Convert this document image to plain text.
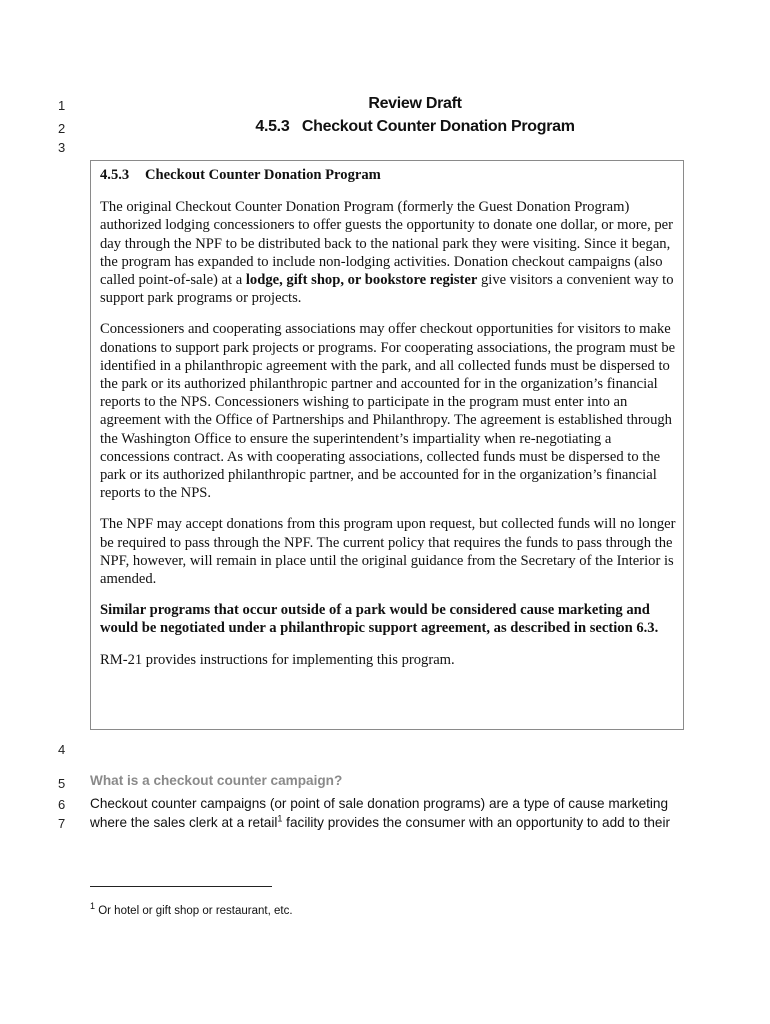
1
2
3
4
5
6
7
Review Draft
4.5.3 Checkout Counter Donation Program
4.5.3 Checkout Counter Donation Program

The original Checkout Counter Donation Program (formerly the Guest Donation Program) authorized lodging concessioners to offer guests the opportunity to donate one dollar, or more, per day through the NPF to be distributed back to the national park they were visiting. Since it began, the program has expanded to include non-lodging activities. Donation checkout campaigns (also called point-of-sale) at a lodge, gift shop, or bookstore register give visitors a convenient way to support park programs or projects.

Concessioners and cooperating associations may offer checkout opportunities for visitors to make donations to support park projects or programs. For cooperating associations, the program must be identified in a philanthropic agreement with the park, and all collected funds must be dispersed to the park or its authorized philanthropic partner and accounted for in the organization’s financial reports to the NPS. Concessioners wishing to participate in the program must enter into an agreement with the Office of Partnerships and Philanthropy. The agreement is established through the Washington Office to ensure the superintendent’s impartiality when re-negotiating a concessions contract. As with cooperating associations, collected funds must be dispersed to the park or its authorized philanthropic partner, and be accounted for in the organization’s financial reports to the NPS.

The NPF may accept donations from this program upon request, but collected funds will no longer be required to pass through the NPF. The current policy that requires the funds to pass through the NPF, however, will remain in place until the original guidance from the Secretary of the Interior is amended.

Similar programs that occur outside of a park would be considered cause marketing and would be negotiated under a philanthropic support agreement, as described in section 6.3.

RM-21 provides instructions for implementing this program.

What is a checkout counter campaign?
Checkout counter campaigns (or point of sale donation programs) are a type of cause marketing
where the sales clerk at a retail$^1$ facility provides the consumer with an opportunity to add to their
$^1$ Or hotel or gift shop or restaurant, etc.
